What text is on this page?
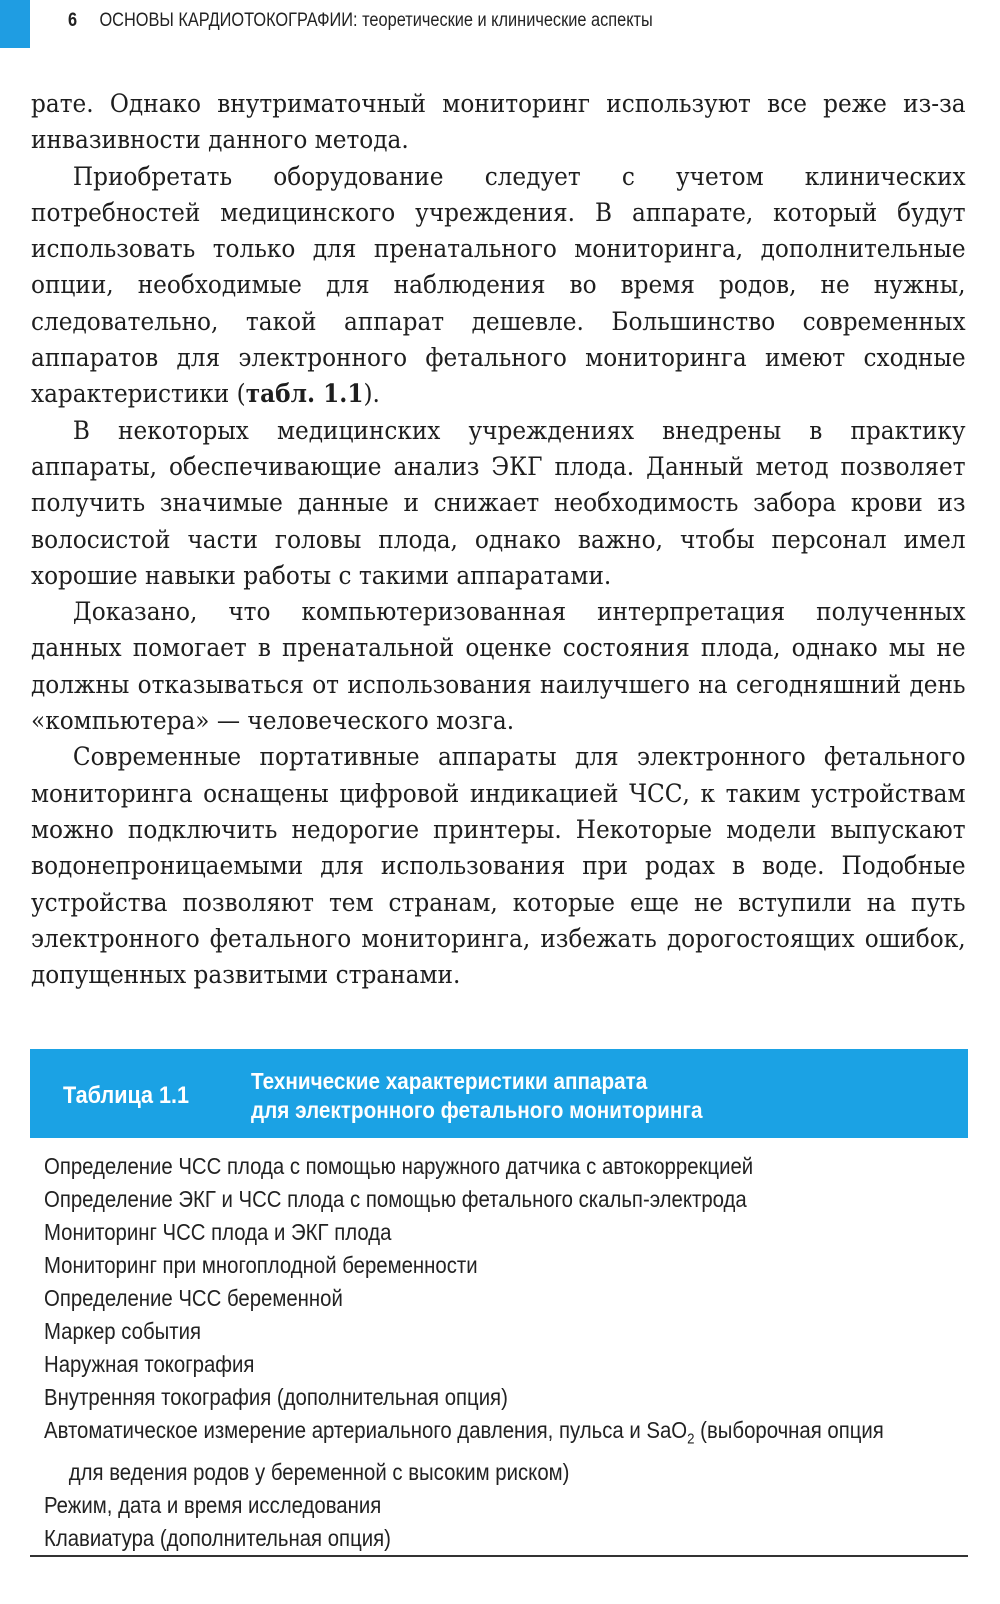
6 ОСНОВЫ КАРДИОТОКОГРАФИИ: теоретические и клинические аспекты

рате. Однако внутриматочный мониторинг используют все реже из-за инвазивности данного метода.

Приобретать оборудование следует с учетом клинических потребностей медицинского учреждения. В аппарате, который будут использовать только для пренатального мониторинга, дополнительные опции, необходимые для наблюдения во время родов, не нужны, следовательно, такой аппарат дешевле. Большинство современных аппаратов для электронного фетального мониторинга имеют сходные характеристики (табл. 1.1).

В некоторых медицинских учреждениях внедрены в практику аппараты, обеспечивающие анализ ЭКГ плода. Данный метод позволяет получить значимые данные и снижает необходимость забора крови из волосистой части головы плода, однако важно, чтобы персонал имел хорошие навыки работы с такими аппаратами.

Доказано, что компьютеризованная интерпретация полученных данных помогает в пренатальной оценке состояния плода, однако мы не должны отказываться от использования наилучшего на сегодняшний день «компьютера» — человеческого мозга.

Современные портативные аппараты для электронного фетального мониторинга оснащены цифровой индикацией ЧСС, к таким устройствам можно подключить недорогие принтеры. Некоторые модели выпускают водонепроницаемыми для использования при родах в воде. Подобные устройства позволяют тем странам, которые еще не вступили на путь электронного фетального мониторинга, избежать дорогостоящих ошибок, допущенных развитыми странами.

Таблица 1.1
Технические характеристики аппарата
для электронного фетального мониторинга
Определение ЧСС плода с помощью наружного датчика с автокоррекцией
Определение ЭКГ и ЧСС плода с помощью фетального скальп-электрода
Мониторинг ЧСС плода и ЭКГ плода
Мониторинг при многоплодной беременности
Определение ЧСС беременной
Маркер события
Наружная токография
Внутренняя токография (дополнительная опция)
Автоматическое измерение артериального давления, пульса и SaO$_2$ (выборочная опция
для ведения родов у беременной с высоким риском)
Режим, дата и время исследования
Клавиатура (дополнительная опция)
